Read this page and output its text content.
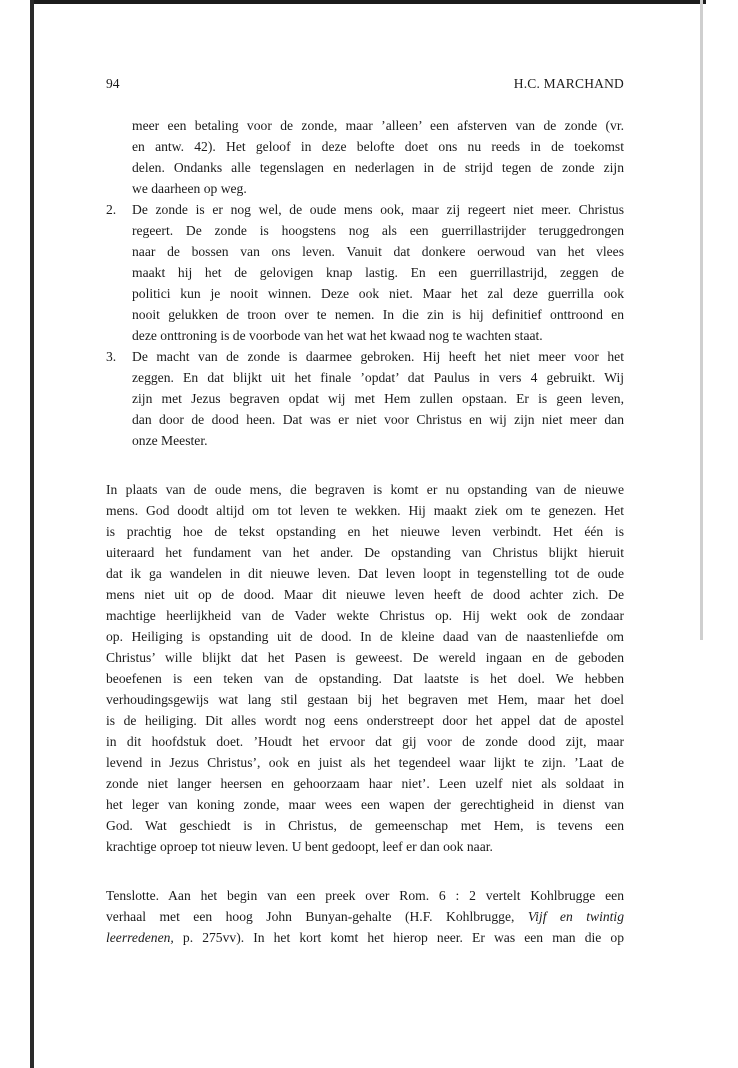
94	H.C. MARCHAND
meer een betaling voor de zonde, maar ’alleen’ een afsterven van de zonde (vr.
en antw. 42). Het geloof in deze belofte doet ons nu reeds in de toekomst
delen. Ondanks alle tegenslagen en nederlagen in de strijd tegen de zonde zijn
we daarheen op weg.
2. De zonde is er nog wel, de oude mens ook, maar zij regeert niet meer. Christus
regeert. De zonde is hoogstens nog als een guerrillastrijder teruggedrongen
naar de bossen van ons leven. Vanuit dat donkere oerwoud van het vlees
maakt hij het de gelovigen knap lastig. En een guerrillastrijd, zeggen de
politici kun je nooit winnen. Deze ook niet. Maar het zal deze guerrilla ook
nooit gelukken de troon over te nemen. In die zin is hij definitief onttroond en
deze onttroning is de voorbode van het wat het kwaad nog te wachten staat.
3. De macht van de zonde is daarmee gebroken. Hij heeft het niet meer voor het
zeggen. En dat blijkt uit het finale ’opdat’ dat Paulus in vers 4 gebruikt. Wij
zijn met Jezus begraven opdat wij met Hem zullen opstaan. Er is geen leven,
dan door de dood heen. Dat was er niet voor Christus en wij zijn niet meer dan
onze Meester.
In plaats van de oude mens, die begraven is komt er nu opstanding van de nieuwe
mens. God doodt altijd om tot leven te wekken. Hij maakt ziek om te genezen. Het
is prachtig hoe de tekst opstanding en het nieuwe leven verbindt. Het één is
uiteraard het fundament van het ander. De opstanding van Christus blijkt hieruit
dat ik ga wandelen in dit nieuwe leven. Dat leven loopt in tegenstelling tot de oude
mens niet uit op de dood. Maar dit nieuwe leven heeft de dood achter zich. De
machtige heerlijkheid van de Vader wekte Christus op. Hij wekt ook de zondaar
op. Heiliging is opstanding uit de dood. In de kleine daad van de naastenliefde om
Christus’ wille blijkt dat het Pasen is geweest. De wereld ingaan en de geboden
beoefenen is een teken van de opstanding. Dat laatste is het doel. We hebben
verhoudingsgewijs wat lang stil gestaan bij het begraven met Hem, maar het doel
is de heiliging. Dit alles wordt nog eens onderstreept door het appel dat de apostel
in dit hoofdstuk doet. ’Houdt het ervoor dat gij voor de zonde dood zijt, maar
levend in Jezus Christus’, ook en juist als het tegendeel waar lijkt te zijn. ’Laat de
zonde niet langer heersen en gehoorzaam haar niet’. Leen uzelf niet als soldaat in
het leger van koning zonde, maar wees een wapen der gerechtigheid in dienst van
God. Wat geschiedt is in Christus, de gemeenschap met Hem, is tevens een
krachtige oproep tot nieuw leven. U bent gedoopt, leef er dan ook naar.
Tenslotte. Aan het begin van een preek over Rom. 6 : 2 vertelt Kohlbrugge een
verhaal met een hoog John Bunyan-gehalte (H.F. Kohlbrugge, Vijf en twintig
leerredenen, p. 275vv). In het kort komt het hierop neer. Er was een man die op
